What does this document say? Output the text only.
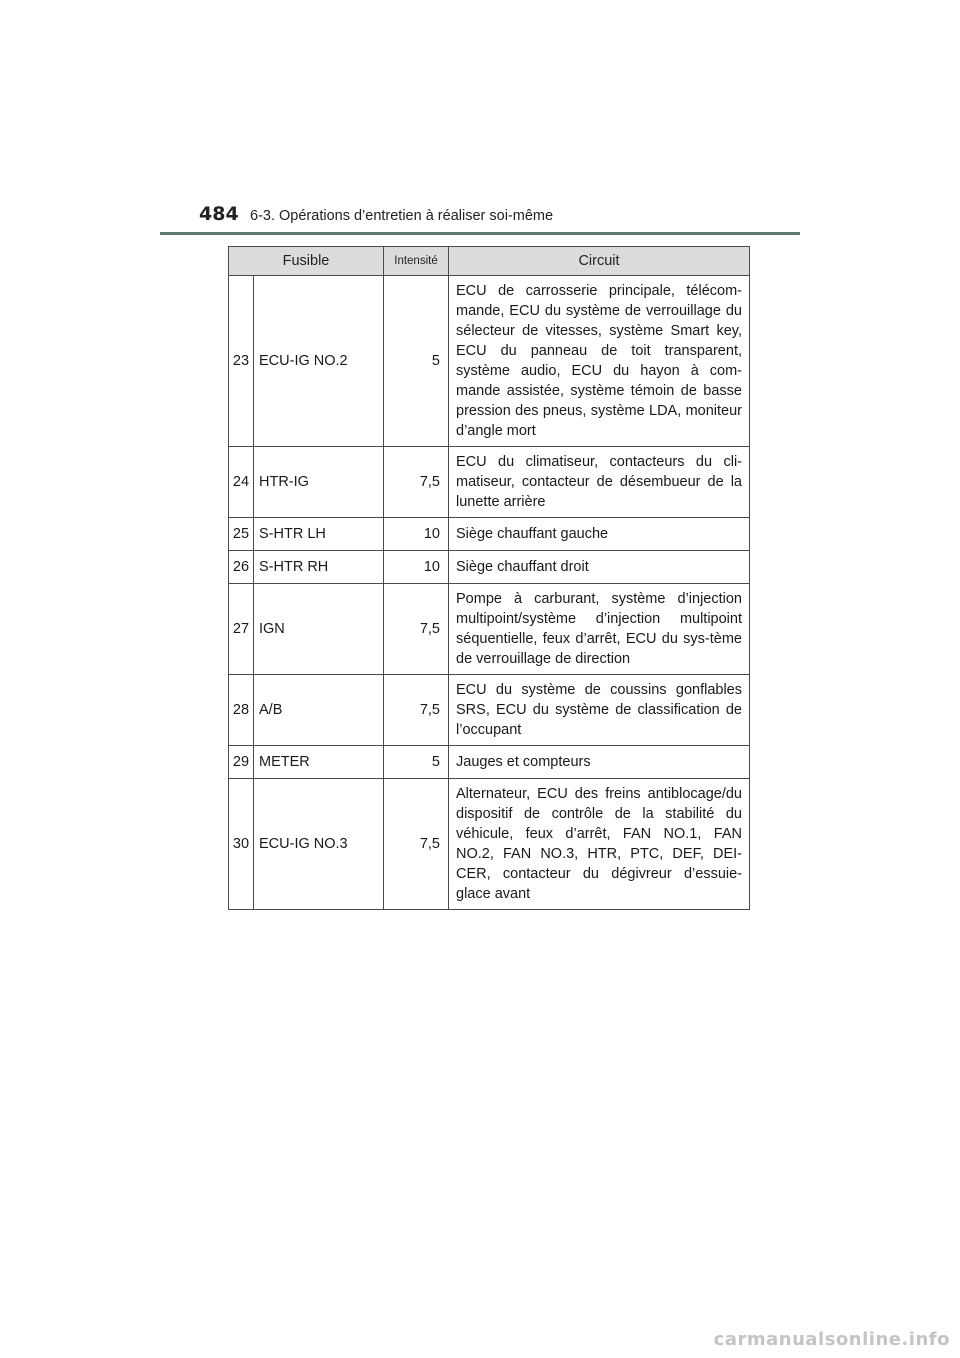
484 6-3. Opérations d’entretien à réaliser soi-même
Fusible		Intensité	Circuit
23	ECU-IG NO.2	5	ECU de carrosserie principale, télécom-mande, ECU du système de verrouillage du sélecteur de vitesses, système Smart key, ECU du panneau de toit transparent, système audio, ECU du hayon à com-mande assistée, système témoin de basse pression des pneus, système LDA, moniteur d’angle mort
24	HTR-IG	7,5	ECU du climatiseur, contacteurs du cli-matiseur, contacteur de désembueur de la lunette arrière
25	S-HTR LH	10	Siège chauffant gauche
26	S-HTR RH	10	Siège chauffant droit
27	IGN	7,5	Pompe à carburant, système d’injection multipoint/système d’injection multipoint séquentielle, feux d’arrêt, ECU du sys-tème de verrouillage de direction
28	A/B	7,5	ECU du système de coussins gonflables SRS, ECU du système de classification de l’occupant
29	METER	5	Jauges et compteurs
30	ECU-IG NO.3	7,5	Alternateur, ECU des freins antiblocage/du dispositif de contrôle de la stabilité du véhicule, feux d’arrêt, FAN NO.1, FAN NO.2, FAN NO.3, HTR, PTC, DEF, DEI-CER, contacteur du dégivreur d’essuie-glace avant
carmanualsonline.info
